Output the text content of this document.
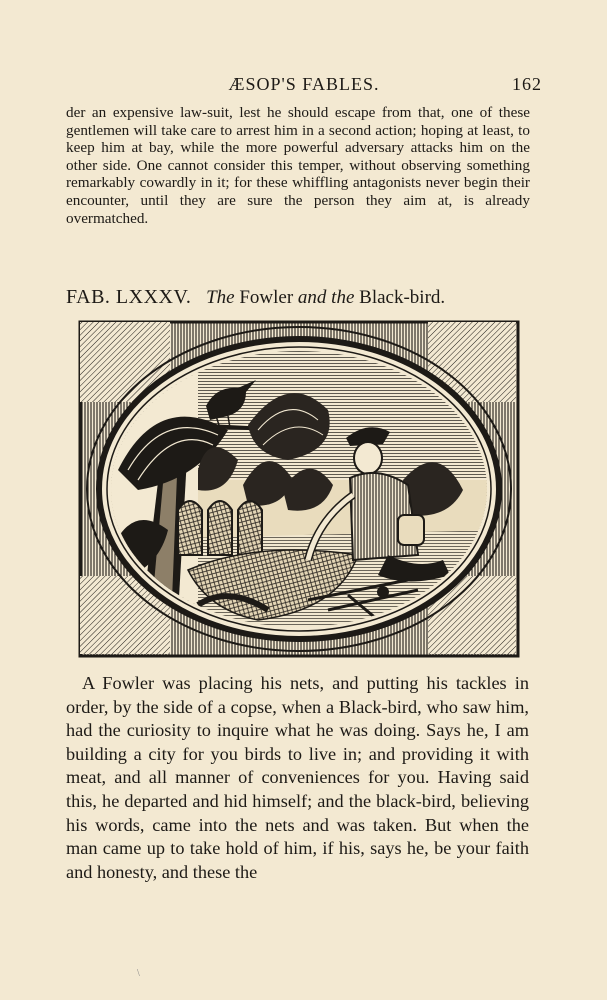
ÆSOP'S FABLES.	162

der an expensive law-suit, lest he should escape from that, one of these gentlemen will take care to arrest him in a second action; hoping at least, to keep him at bay, while the more powerful adversary attacks him on the other side. One cannot consider this temper, without observing something remarkably cowardly in it; for these whiffling antagonists never begin their encounter, until they are sure the person they aim at, is already overmatched.

FAB. LXXXV. The Fowler and the Black-bird.

A Fowler was placing his nets, and putting his tackles in order, by the side of a copse, when a Black-bird, who saw him, had the curiosity to inquire what he was doing. Says he, I am building a city for you birds to live in; and providing it with meat, and all manner of conveniences for you. Having said this, he departed and hid himself; and the black-bird, believing his words, came into the nets and was taken. But when the man came up to take hold of him, if his, says he, be your faith and honesty, and these the

\
